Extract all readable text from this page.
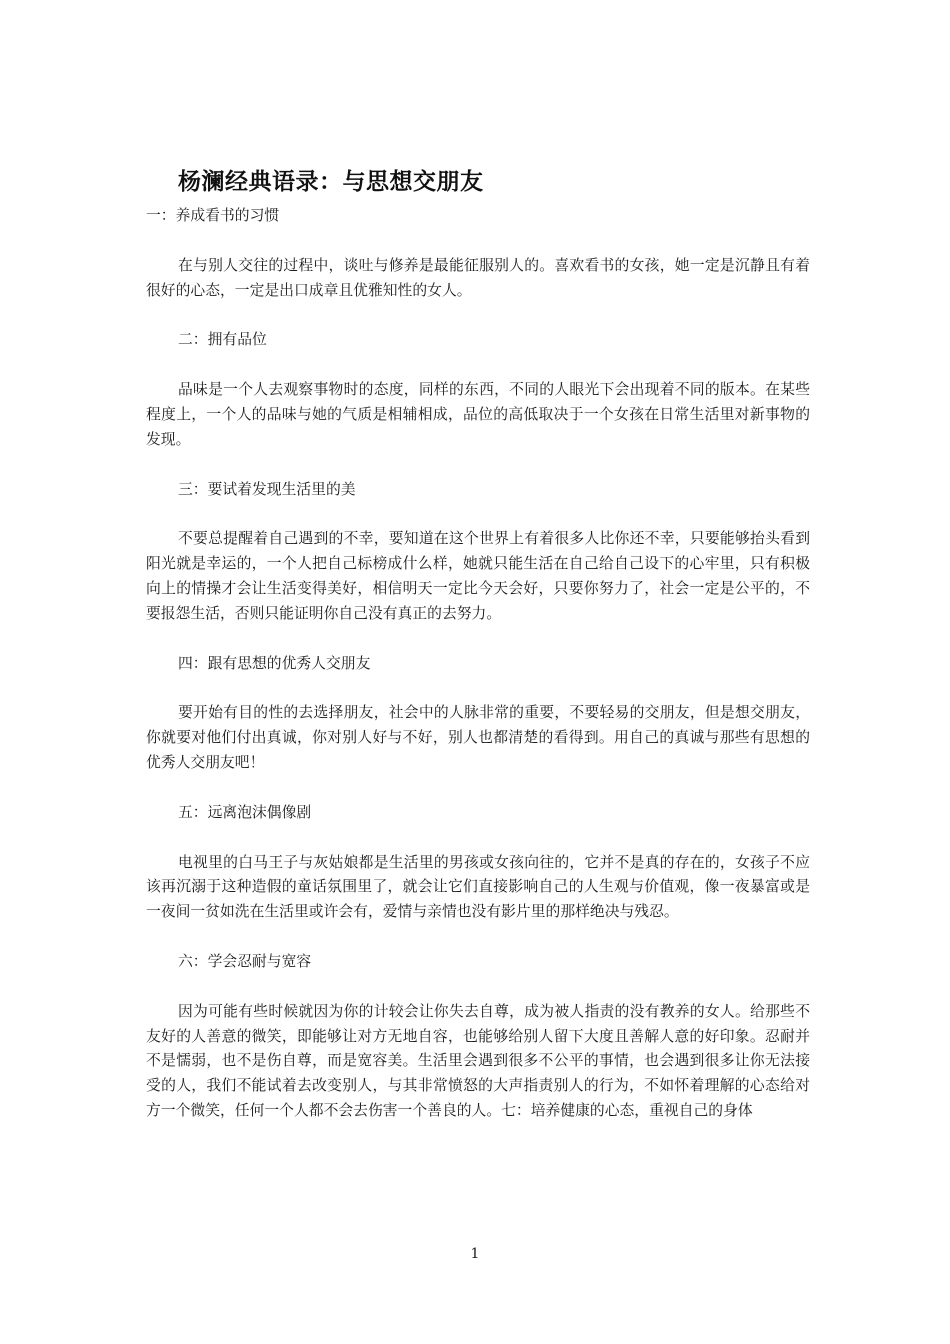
杨澜经典语录：与思想交朋友

一：养成看书的习惯

在与别人交往的过程中，谈吐与修养是最能征服别人的。喜欢看书的女孩，她一定是沉静且有着很好的心态，一定是出口成章且优雅知性的女人。

二：拥有品位

品味是一个人去观察事物时的态度，同样的东西，不同的人眼光下会出现着不同的版本。在某些程度上，一个人的品味与她的气质是相辅相成，品位的高低取决于一个女孩在日常生活里对新事物的发现。

三：要试着发现生活里的美

不要总提醒着自己遇到的不幸，要知道在这个世界上有着很多人比你还不幸，只要能够抬头看到阳光就是幸运的，一个人把自己标榜成什么样，她就只能生活在自己给自己设下的心牢里，只有积极向上的情操才会让生活变得美好，相信明天一定比今天会好，只要你努力了，社会一定是公平的，不要报怨生活，否则只能证明你自己没有真正的去努力。

四：跟有思想的优秀人交朋友

要开始有目的性的去选择朋友，社会中的人脉非常的重要，不要轻易的交朋友，但是想交朋友，你就要对他们付出真诚，你对别人好与不好，别人也都清楚的看得到。用自己的真诚与那些有思想的优秀人交朋友吧！

五：远离泡沫偶像剧

电视里的白马王子与灰姑娘都是生活里的男孩或女孩向往的，它并不是真的存在的，女孩子不应该再沉溺于这种造假的童话氛围里了，就会让它们直接影响自己的人生观与价值观，像一夜暴富或是一夜间一贫如洗在生活里或许会有，爱情与亲情也没有影片里的那样绝决与残忍。

六：学会忍耐与宽容

因为可能有些时候就因为你的计较会让你失去自尊，成为被人指责的没有教养的女人。给那些不友好的人善意的微笑，即能够让对方无地自容，也能够给别人留下大度且善解人意的好印象。忍耐并不是懦弱，也不是伤自尊，而是宽容美。生活里会遇到很多不公平的事情，也会遇到很多让你无法接受的人，我们不能试着去改变别人，与其非常愤怒的大声指责别人的行为，不如怀着理解的心态给对方一个微笑，任何一个人都不会去伤害一个善良的人。七：培养健康的心态，重视自己的身体

1
